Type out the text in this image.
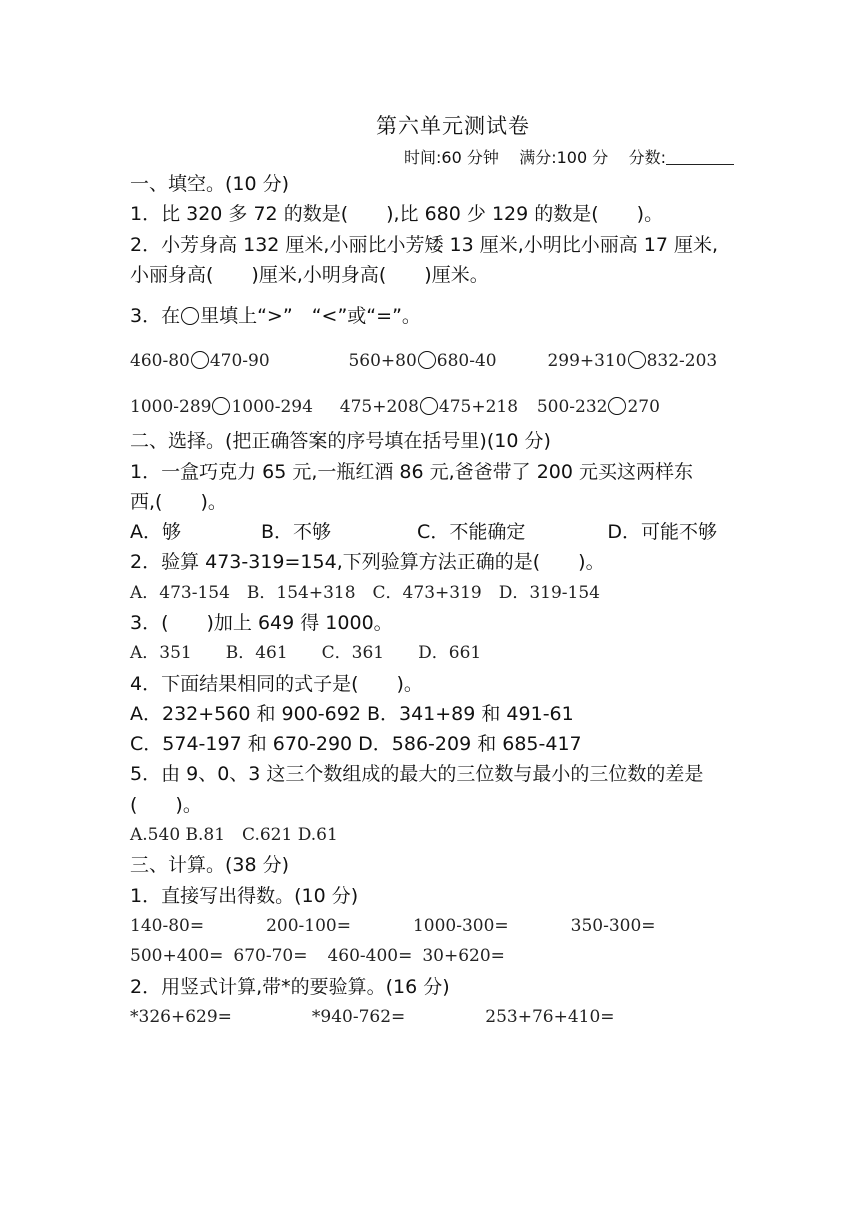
第六单元测试卷
时间:60 分钟 满分:100 分 分数:
一、填空。(10 分)
1．比 320 多 72 的数是(　　),比 680 少 129 的数是(　　)。
2．小芳身高 132 厘米,小丽比小芳矮 13 厘米,小明比小丽高 17 厘米,
小丽身高(　　)厘米,小明身高(　　)厘米。
3．在 里填上“>”　“<”或“=”。
460-80 470-90	560+80 680-40	299+310 832-203
1000-289 1000-294 475+208 475+218 500-232 270
二、选择。(把正确答案的序号填在括号里)(10 分)
1．一盒巧克力 65 元,一瓶红酒 86 元,爸爸带了 200 元买这两样东
西,(　　)。
A．够	B．不够	C．不能确定	D．可能不够
2．验算 473-319=154,下列验算方法正确的是(　　)。
A．473-154　B．154+318　C．473+319　D．319-154
3．(　　)加上 649 得 1000。
A．351　　B．461　　C．361　　D．661
4．下面结果相同的式子是(　　)。
A．232+560 和 900-692 B．341+89 和 491-61
C．574-197 和 670-290 D．586-209 和 685-417
5．由 9、0、3 这三个数组成的最大的三位数与最小的三位数的差是
(　　)。
A.540 B.81　C.621 D.61
三、计算。(38 分)
1．直接写出得数。(10 分)
140-80=	200-100=	1000-300=	350-300=
500+400= 670-70= 460-400= 30+620=
2．用竖式计算,带*的要验算。(16 分)
*326+629=	*940-762=	253+76+410=
